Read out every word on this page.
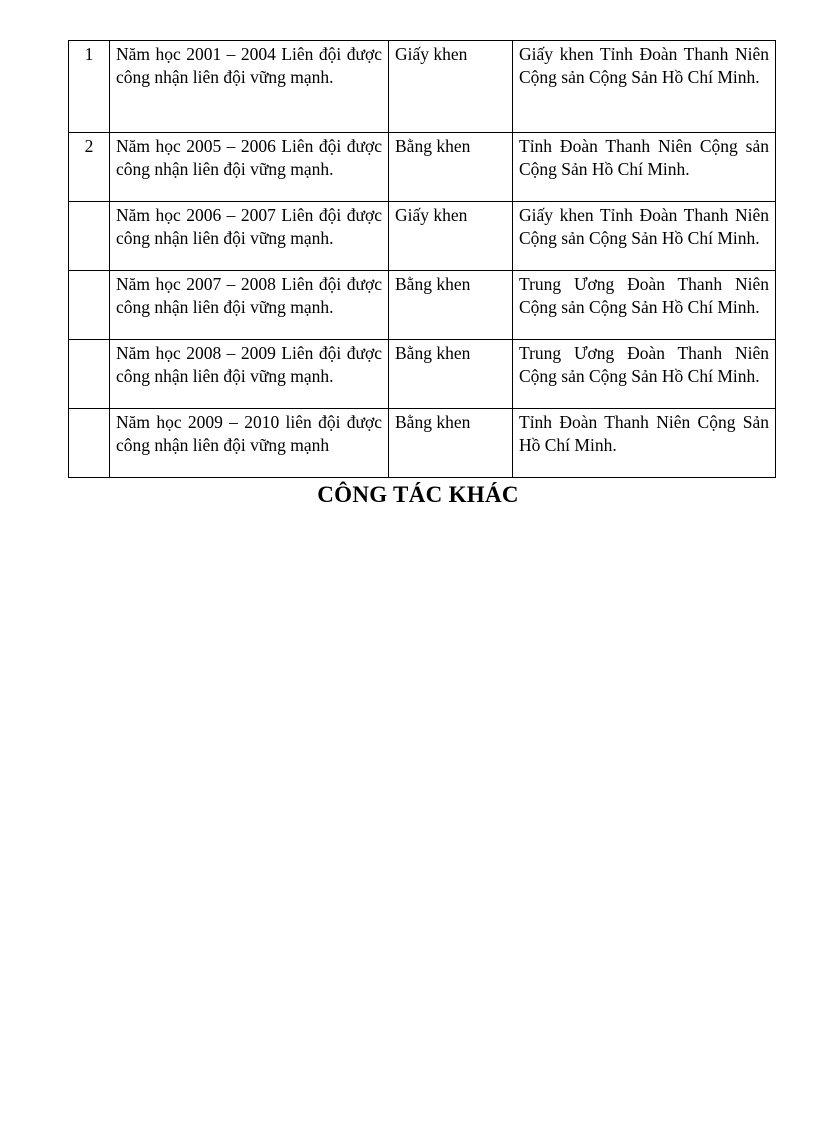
1	Năm học 2001 – 2004 Liên đội được công nhận liên đội vững mạnh.	Giấy khen	Giấy khen Tỉnh Đoàn Thanh Niên Cộng sản Cộng Sản Hồ Chí Minh.
2	Năm học 2005 – 2006 Liên đội được công nhận liên đội vững mạnh.	Bằng khen	Tỉnh Đoàn Thanh Niên Cộng sản Cộng Sản Hồ Chí Minh.
	Năm học 2006 – 2007 Liên đội được công nhận liên đội vững mạnh.	Giấy khen	Giấy khen Tỉnh Đoàn Thanh Niên Cộng sản Cộng Sản Hồ Chí Minh.
	Năm học 2007 – 2008 Liên đội được công nhận liên đội vững mạnh.	Bằng khen	Trung Ương Đoàn Thanh Niên Cộng sản Cộng Sản Hồ Chí Minh.
	Năm học 2008 – 2009 Liên đội được công nhận liên đội vững mạnh.	Bằng khen	Trung Ương Đoàn Thanh Niên Cộng sản Cộng Sản Hồ Chí Minh.
	Năm học 2009 – 2010 liên đội được công nhận liên đội vững mạnh	Bằng khen	Tỉnh Đoàn Thanh Niên Cộng Sản Hồ Chí Minh.
CÔNG TÁC KHÁC
